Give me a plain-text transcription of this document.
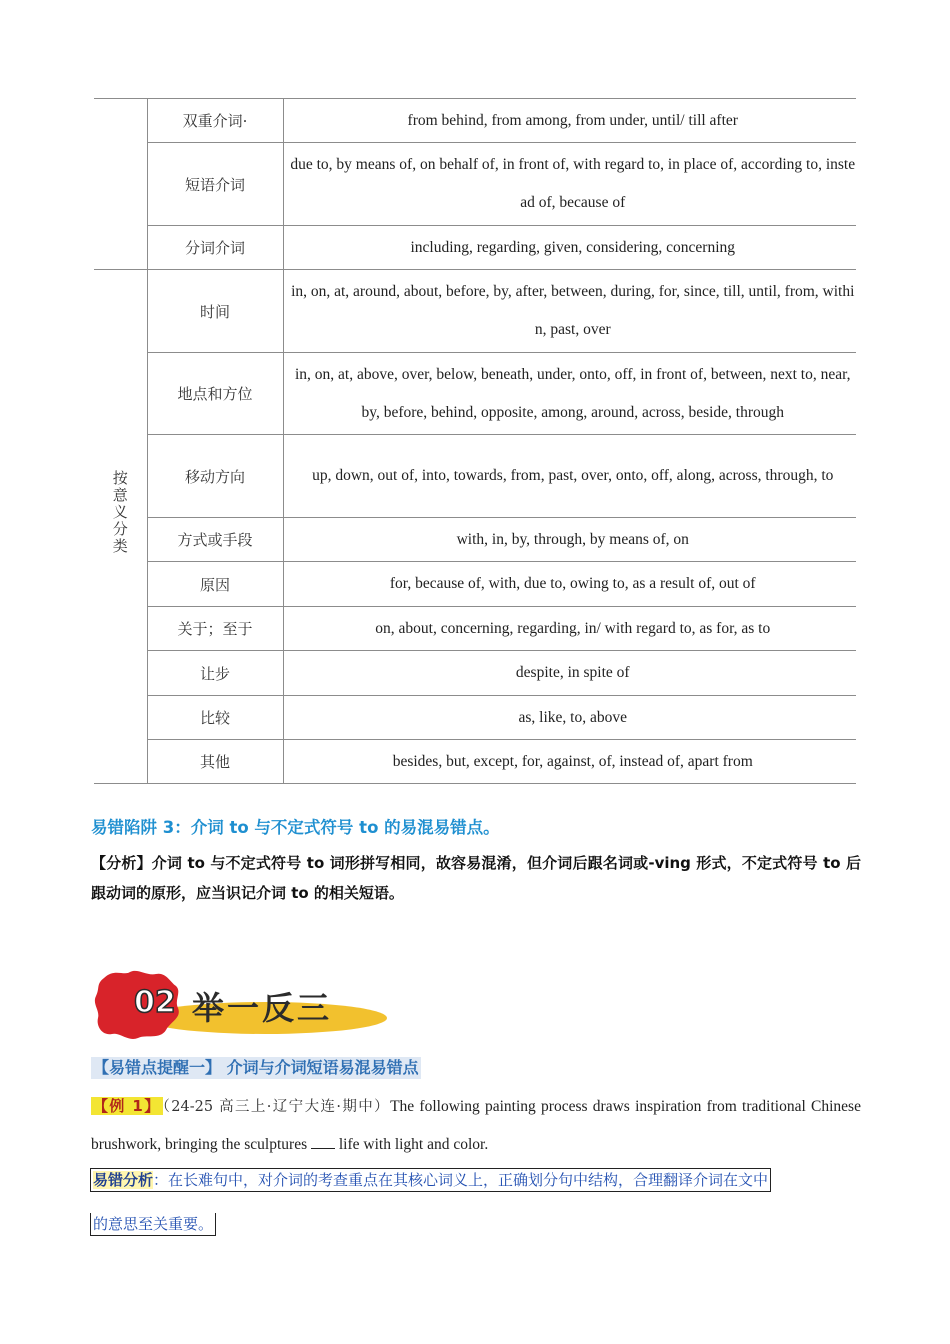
	双重介词·	from behind, from among, from under, until/ till after
	短语介词	due to, by means of, on behalf of, in front of, with regard to, in place of, according to, instead of, because of
	分词介词	including, regarding, given, considering, concerning
按意义分类	时间	in, on, at, around, about, before, by, after, between, during, for, since, till, until, from, within, past, over
	地点和方位	in, on, at, above, over, below, beneath, under, onto, off, in front of, between, next to, near, by, before, behind, opposite, among, around, across, beside, through
	移动方向	up, down, out of, into, towards, from, past, over, onto, off, along, across, through, to
	方式或手段	with, in, by, through, by means of, on
	原因	for, because of, with, due to, owing to, as a result of, out of
	关于；至于	on, about, concerning, regarding, in/ with regard to, as for, as to
	让步	despite, in spite of
	比较	as, like, to, above
	其他	besides, but, except, for, against, of, instead of, apart from
易错陷阱 3：介词 to 与不定式符号 to 的易混易错点。
【分析】介词 to 与不定式符号 to 词形拼写相同，故容易混淆，但介词后跟名词或-ving 形式，不定式符号 to 后跟动词的原形，应当识记介词 to 的相关短语。
02 举一反三
【易错点提醒一】 介词与介词短语易混易错点
【例 1】 （24-25 高三上·辽宁大连·期中）The following painting process draws inspiration from traditional Chinese brushwork, bringing the sculptures life with light and color.
易错分析：在长难句中，对介词的考查重点在其核心词义上，正确划分句中结构，合理翻译介词在文中
的意思至关重要。
